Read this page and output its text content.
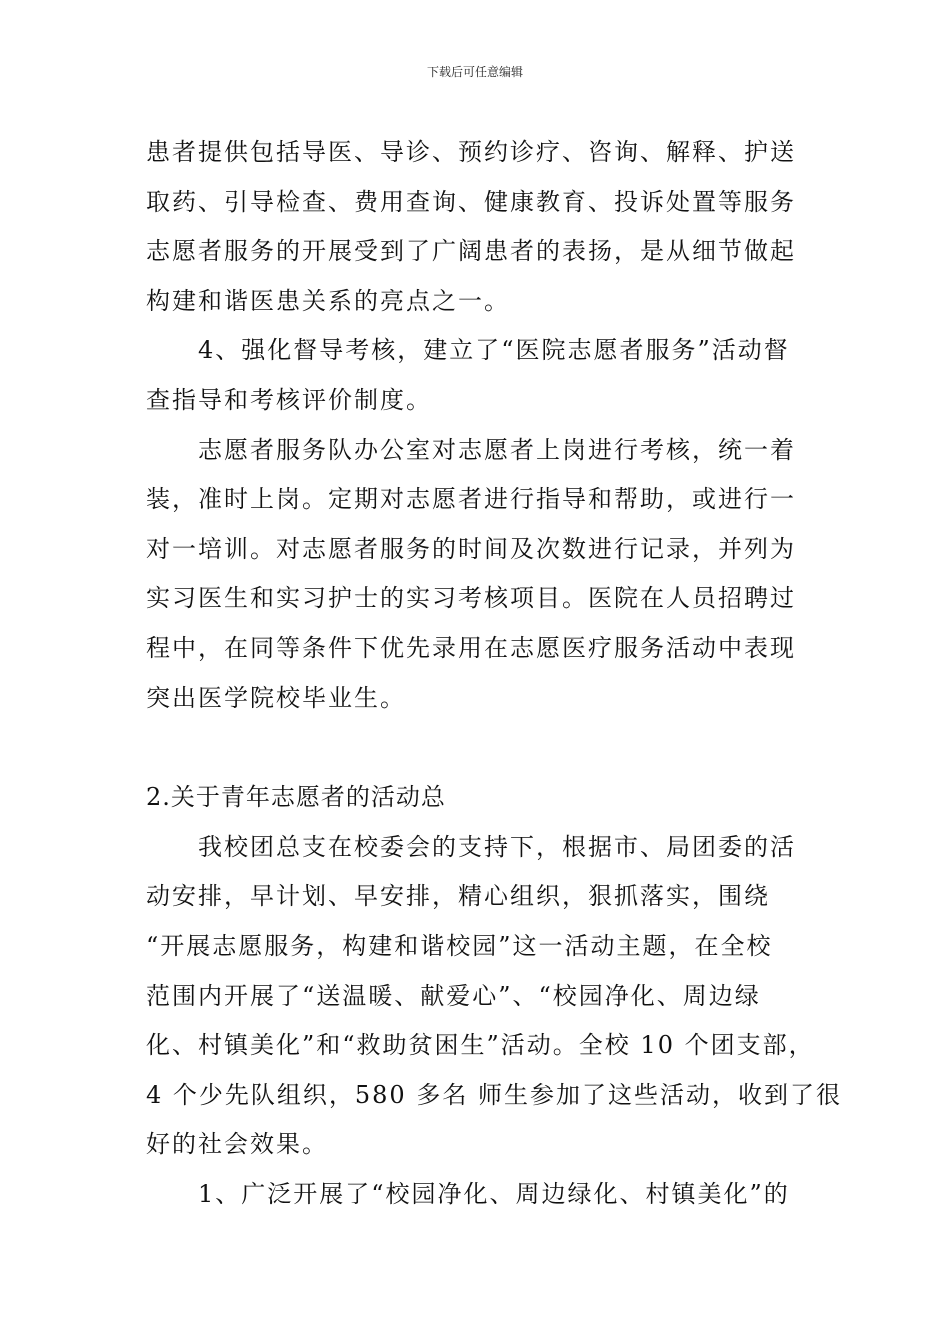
下载后可任意编辑

患者提供包括导医、导诊、预约诊疗、咨询、解释、护送
取药、引导检查、费用查询、健康教育、投诉处置等服务
志愿者服务的开展受到了广阔患者的表扬，是从细节做起
构建和谐医患关系的亮点之一。

4、强化督导考核，建立了“医院志愿者服务”活动督
查指导和考核评价制度。

志愿者服务队办公室对志愿者上岗进行考核，统一着
装，准时上岗。定期对志愿者进行指导和帮助，或进行一
对一培训。对志愿者服务的时间及次数进行记录，并列为
实习医生和实习护士的实习考核项目。医院在人员招聘过
程中，在同等条件下优先录用在志愿医疗服务活动中表现
突出医学院校毕业生。

2.关于青年志愿者的活动总

我校团总支在校委会的支持下，根据市、局团委的活
动安排，早计划、早安排，精心组织，狠抓落实，围绕
“开展志愿服务，构建和谐校园”这一活动主题，在全校
范围内开展了“送温暖、献爱心”、“校园净化、周边绿
化、村镇美化”和“救助贫困生”活动。全校 10 个团支部，
4 个少先队组织，580 多名 师生参加了这些活动，收到了很
好的社会效果。

1、广泛开展了“校园净化、周边绿化、村镇美化”的
